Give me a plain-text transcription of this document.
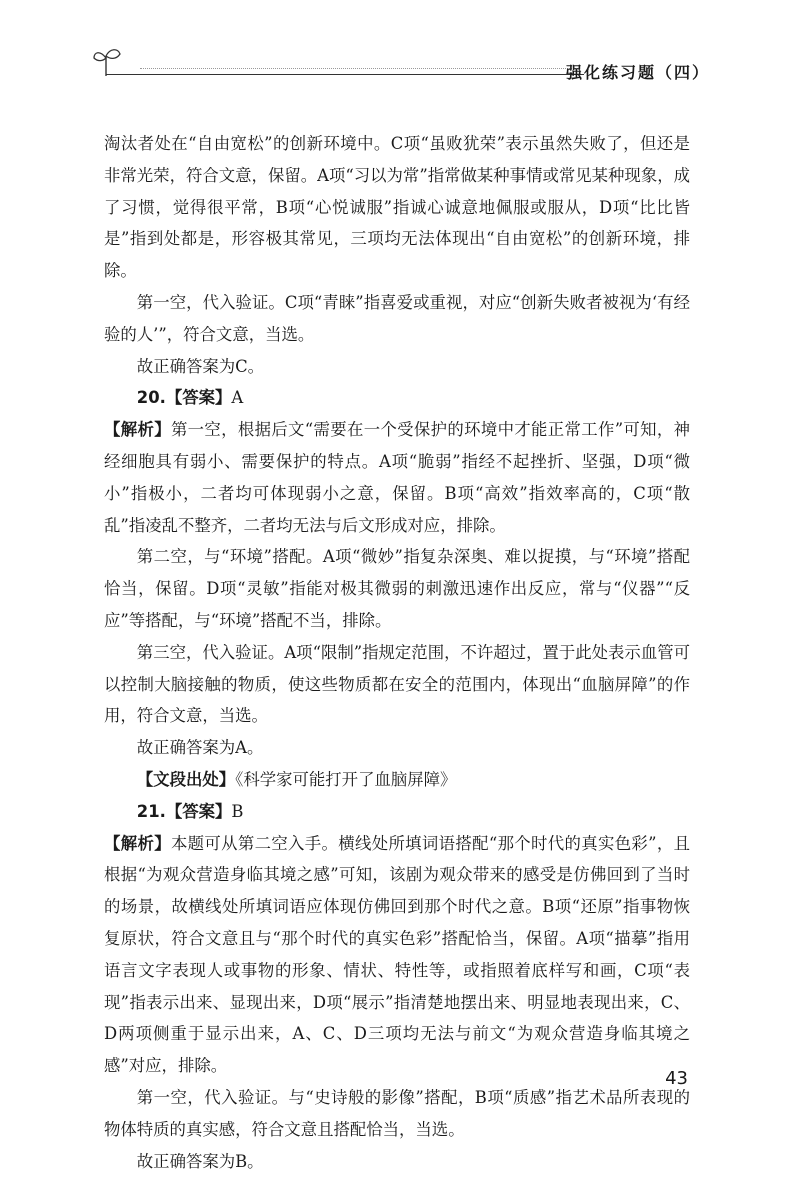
强化练习题（四）

淘汰者处在“自由宽松”的创新环境中。C项“虽败犹荣”表示虽然失败了，但还是非常光荣，符合文意，保留。A项“习以为常”指常做某种事情或常见某种现象，成了习惯，觉得很平常，B项“心悦诚服”指诚心诚意地佩服或服从，D项“比比皆是”指到处都是，形容极其常见，三项均无法体现出“自由宽松”的创新环境，排除。

第一空，代入验证。C项“青睐”指喜爱或重视，对应“创新失败者被视为‘有经验的人’”，符合文意，当选。

故正确答案为C。

20.【答案】A

【解析】第一空，根据后文“需要在一个受保护的环境中才能正常工作”可知，神经细胞具有弱小、需要保护的特点。A项“脆弱”指经不起挫折、坚强，D项“微小”指极小，二者均可体现弱小之意，保留。B项“高效”指效率高的，C项“散乱”指凌乱不整齐，二者均无法与后文形成对应，排除。

第二空，与“环境”搭配。A项“微妙”指复杂深奥、难以捉摸，与“环境”搭配恰当，保留。D项“灵敏”指能对极其微弱的刺激迅速作出反应，常与“仪器”“反应”等搭配，与“环境”搭配不当，排除。

第三空，代入验证。A项“限制”指规定范围，不许超过，置于此处表示血管可以控制大脑接触的物质，使这些物质都在安全的范围内，体现出“血脑屏障”的作用，符合文意，当选。

故正确答案为A。

【文段出处】《科学家可能打开了血脑屏障》

21.【答案】B

【解析】本题可从第二空入手。横线处所填词语搭配“那个时代的真实色彩”，且根据“为观众营造身临其境之感”可知，该剧为观众带来的感受是仿佛回到了当时的场景，故横线处所填词语应体现仿佛回到那个时代之意。B项“还原”指事物恢复原状，符合文意且与“那个时代的真实色彩”搭配恰当，保留。A项“描摹”指用语言文字表现人或事物的形象、情状、特性等，或指照着底样写和画，C项“表现”指表示出来、显现出来，D项“展示”指清楚地摆出来、明显地表现出来，C、D两项侧重于显示出来，A、C、D三项均无法与前文“为观众营造身临其境之感”对应，排除。

第一空，代入验证。与“史诗般的影像”搭配，B项“质感”指艺术品所表现的物体特质的真实感，符合文意且搭配恰当，当选。

故正确答案为B。

43
